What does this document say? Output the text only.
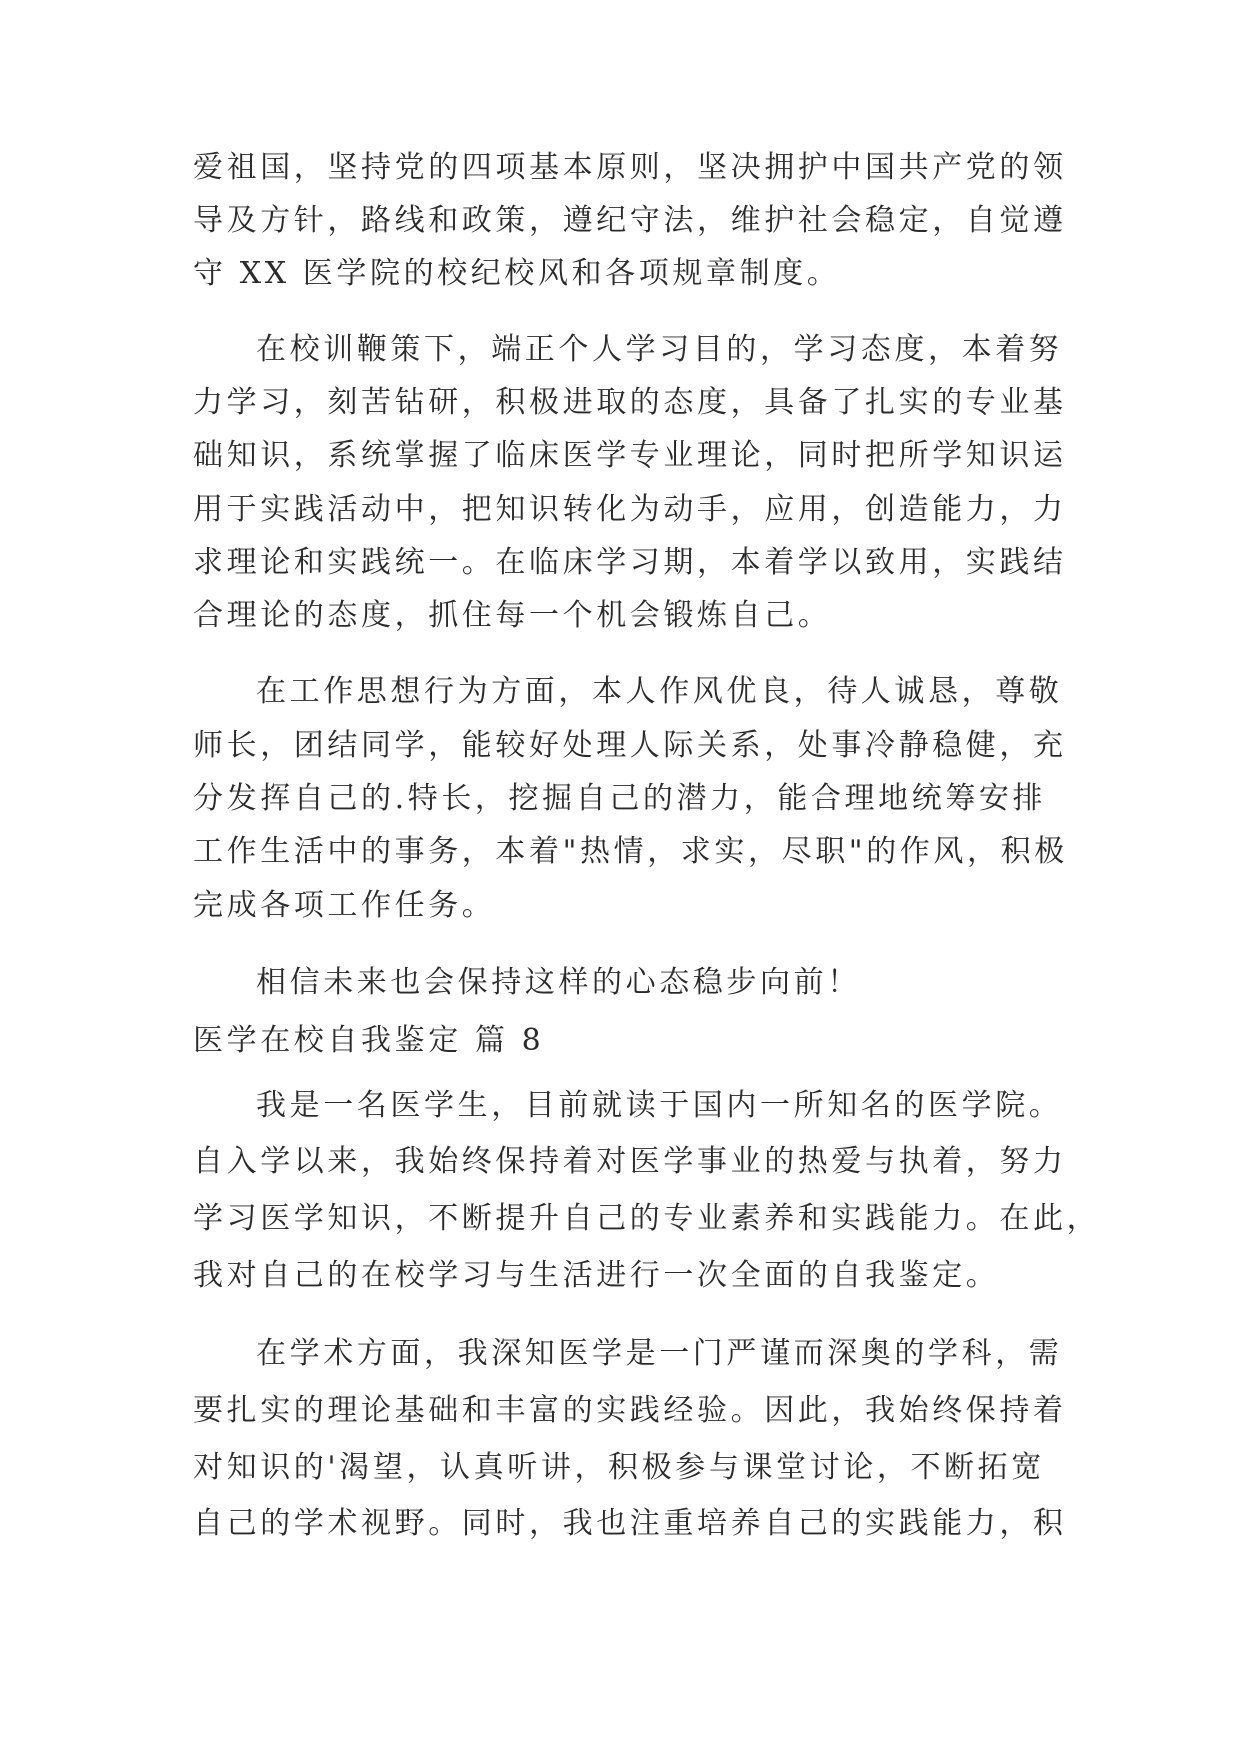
爱祖国，坚持党的四项基本原则，坚决拥护中国共产党的领
导及方针，路线和政策，遵纪守法，维护社会稳定，自觉遵
守 XX 医学院的校纪校风和各项规章制度。
在校训鞭策下，端正个人学习目的，学习态度，本着努
力学习，刻苦钻研，积极进取的态度，具备了扎实的专业基
础知识，系统掌握了临床医学专业理论，同时把所学知识运
用于实践活动中，把知识转化为动手，应用，创造能力，力
求理论和实践统一。在临床学习期，本着学以致用，实践结
合理论的态度，抓住每一个机会锻炼自己。
在工作思想行为方面，本人作风优良，待人诚恳，尊敬
师长，团结同学，能较好处理人际关系，处事冷静稳健，充
分发挥自己的.特长，挖掘自己的潜力，能合理地统筹安排
工作生活中的事务，本着"热情，求实，尽职"的作风，积极
完成各项工作任务。
相信未来也会保持这样的心态稳步向前！
医学在校自我鉴定 篇 8
我是一名医学生，目前就读于国内一所知名的医学院。
自入学以来，我始终保持着对医学事业的热爱与执着，努力
学习医学知识，不断提升自己的专业素养和实践能力。在此，
我对自己的在校学习与生活进行一次全面的自我鉴定。
在学术方面，我深知医学是一门严谨而深奥的学科，需
要扎实的理论基础和丰富的实践经验。因此，我始终保持着
对知识的'渴望，认真听讲，积极参与课堂讨论，不断拓宽
自己的学术视野。同时，我也注重培养自己的实践能力，积
